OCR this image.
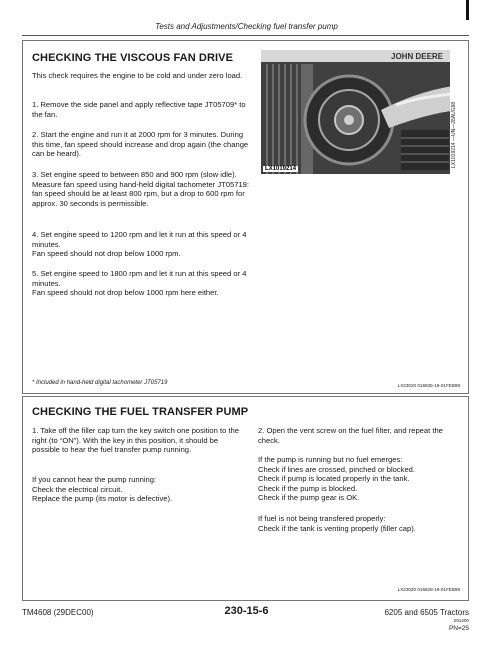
Tests and Adjustments/Checking fuel transfer pump
CHECKING THE VISCOUS FAN DRIVE
This check requires the engine to be cold and under zero load.
1. Remove the side panel and apply reflective tape JT05709* to the fan.
2. Start the engine and run it at 2000 rpm for 3 minutes. During this time, fan speed should increase and drop again (the change can be heard).
3. Set engine speed to between 850 and 900 rpm (slow idle).
Measure fan speed using hand-held digital tachometer JT05719: fan speed should be at least 800 rpm, but a drop to 600 rpm for approx. 30 seconds is permissible.
4. Set engine speed to 1200 rpm and let it run at this speed or 4 minutes.
Fan speed should not drop below 1000 rpm.
5. Set engine speed to 1800 rpm and let it run at this speed or 4 minutes.
Fan speed should not drop below 1000 rpm here either.
JOHN DEERE
LX1019214
LX1019214 —UN—28AUG98
* Included in hand-held digital tachometer JT05719	LX23020 016835-19-01FEB98
CHECKING THE FUEL TRANSFER PUMP
1. Take off the filler cap turn the key switch one position to the right (to “ON”). With the key in this position, it should be possible to hear the fuel transfer pump running.
If you cannot hear the pump running:
Check the electrical circuit.
Replace the pump (its motor is defective).
2. Open the vent screw on the fuel filter, and repeat the check.
If the pump is running but no fuel emerges:
Check if lines are crossed, pinched or blocked.
Check if pump is located properly in the tank.
Check if the pump is blocked.
Check if the pump gear is OK.
If fuel is not being transfered properly:
Check if the tank is venting properly (filler cap).
LX23020 016828-19-01FEB98
TM4608 (29DEC00)	230-15-6	6205 and 6505 Tractors
291200
PN=25
